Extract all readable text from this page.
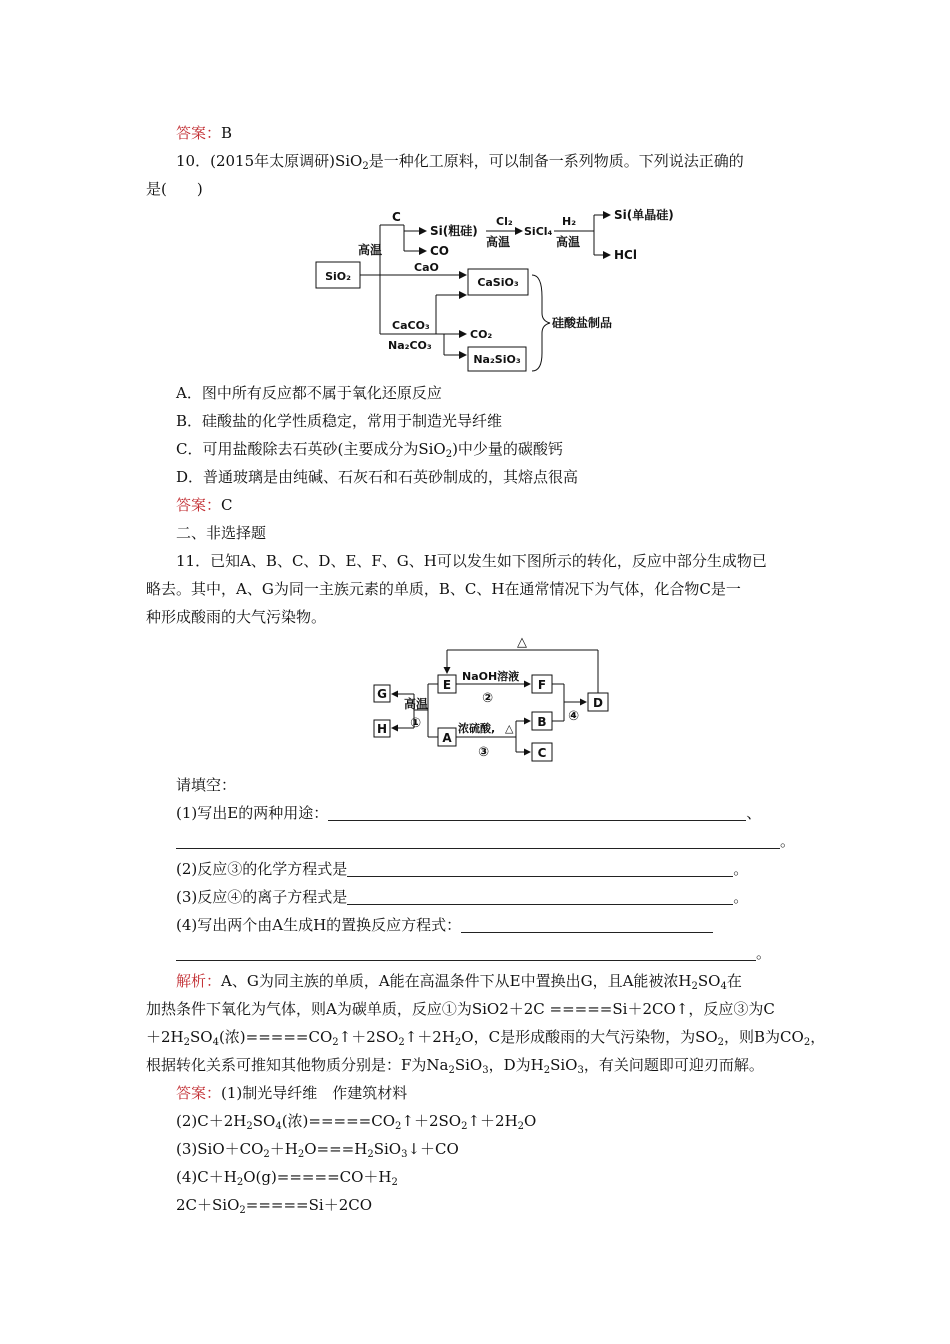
答案：B
10．(2015年太原调研)SiO$_2$是一种化工原料，可以制备一系列物质。下列说法正确的
是(　　)
SiO₂
高温
C
Si(粗硅)
CO
Cl₂
高温
SiCl₄
H₂
高温
Si(单晶硅)
HCl
CaO
CaSiO₃
CaCO₃
Na₂CO₃
CO₂
Na₂SiO₃
硅酸盐制品
A．图中所有反应都不属于氧化还原反应
B．硅酸盐的化学性质稳定，常用于制造光导纤维
C．可用盐酸除去石英砂(主要成分为SiO$_2$)中少量的碳酸钙
D．普通玻璃是由纯碱、石灰石和石英砂制成的，其熔点很高
答案：C
二、非选择题
11．已知A、B、C、D、E、F、G、H可以发生如下图所示的转化，反应中部分生成物已
略去。其中，A、G为同一主族元素的单质，B、C、H在通常情况下为气体，化合物C是一
种形成酸雨的大气污染物。
△
G
H
高温
①
E
NaOH溶液
②
F
A
浓硫酸, △
③
B
C
④
D
请填空：
(1)写出E的两种用途：	、
。
(2)反应③的化学方程式是	。
(3)反应④的离子方程式是	。
(4)写出两个由A生成H的置换反应方程式：
。
解析：A、G为同主族的单质，A能在高温条件下从E中置换出G，且A能被浓$H_2SO_4$在
加热条件下氧化为气体，则A为碳单质，反应①为SiO2＋2C =====Si＋2CO↑，反应③为C
$+2H_2SO_4$(浓)$=====CO_2↑+2SO_2↑+2H_2O$，C是形成酸雨的大气污染物，为$SO_2$，则B为$CO_2$，
根据转化关系可推知其他物质分别是：F为$Na_2SiO_3$，D为$H_2SiO_3$，有关问题即可迎刃而解。
答案：(1)制光导纤维　作建筑材料
$(2)C+2H_2SO_4$(浓)$=====CO_2↑+2SO_2↑+2H_2O$
$(3)SiO+CO_2+H_2O===H_2SiO_3↓+CO$
$(4)C+H_2O(g)=====CO+H_2$
2C＋SiO$_2$=====Si＋2CO
